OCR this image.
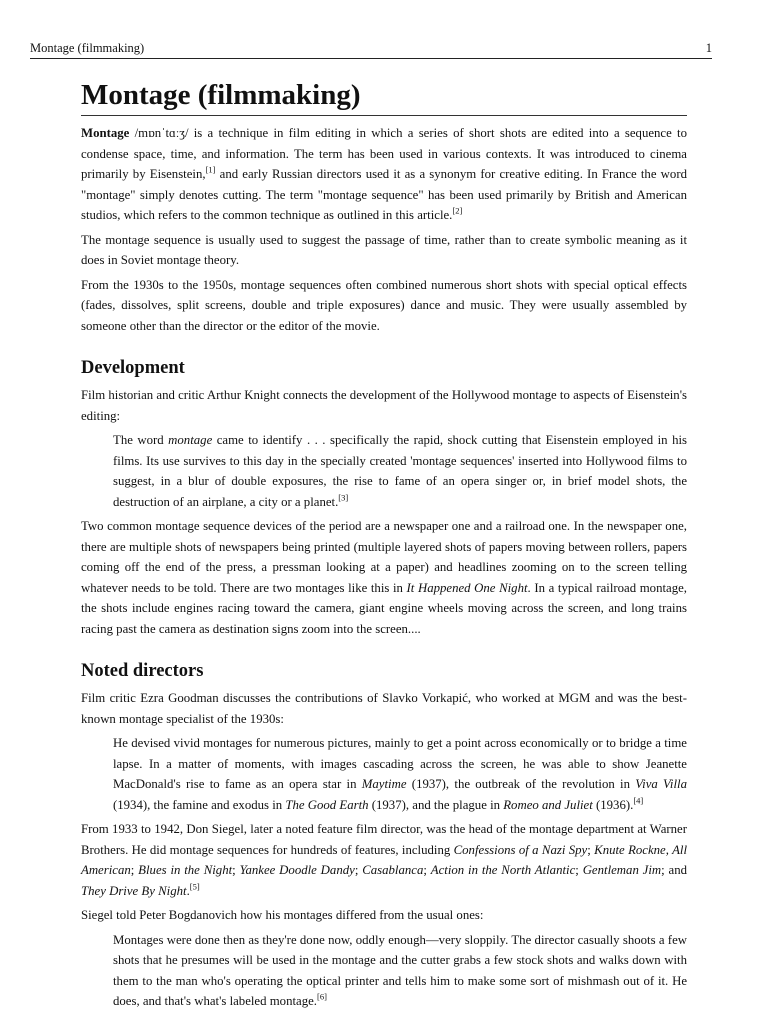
Montage (filmmaking)	1
Montage (filmmaking)

Montage /mɒnˈtɑːʒ/ is a technique in film editing in which a series of short shots are edited into a sequence to condense space, time, and information. The term has been used in various contexts. It was introduced to cinema primarily by Eisenstein,[1] and early Russian directors used it as a synonym for creative editing. In France the word "montage" simply denotes cutting. The term "montage sequence" has been used primarily by British and American studios, which refers to the common technique as outlined in this article.[2]

The montage sequence is usually used to suggest the passage of time, rather than to create symbolic meaning as it does in Soviet montage theory.

From the 1930s to the 1950s, montage sequences often combined numerous short shots with special optical effects (fades, dissolves, split screens, double and triple exposures) dance and music. They were usually assembled by someone other than the director or the editor of the movie.

Development

Film historian and critic Arthur Knight connects the development of the Hollywood montage to aspects of Eisenstein's editing:

The word montage came to identify . . . specifically the rapid, shock cutting that Eisenstein employed in his films. Its use survives to this day in the specially created 'montage sequences' inserted into Hollywood films to suggest, in a blur of double exposures, the rise to fame of an opera singer or, in brief model shots, the destruction of an airplane, a city or a planet.[3]

Two common montage sequence devices of the period are a newspaper one and a railroad one. In the newspaper one, there are multiple shots of newspapers being printed (multiple layered shots of papers moving between rollers, papers coming off the end of the press, a pressman looking at a paper) and headlines zooming on to the screen telling whatever needs to be told. There are two montages like this in It Happened One Night. In a typical railroad montage, the shots include engines racing toward the camera, giant engine wheels moving across the screen, and long trains racing past the camera as destination signs zoom into the screen....

Noted directors

Film critic Ezra Goodman discusses the contributions of Slavko Vorkapić, who worked at MGM and was the best-known montage specialist of the 1930s:

He devised vivid montages for numerous pictures, mainly to get a point across economically or to bridge a time lapse. In a matter of moments, with images cascading across the screen, he was able to show Jeanette MacDonald's rise to fame as an opera star in Maytime (1937), the outbreak of the revolution in Viva Villa (1934), the famine and exodus in The Good Earth (1937), and the plague in Romeo and Juliet (1936).[4]

From 1933 to 1942, Don Siegel, later a noted feature film director, was the head of the montage department at Warner Brothers. He did montage sequences for hundreds of features, including Confessions of a Nazi Spy; Knute Rockne, All American; Blues in the Night; Yankee Doodle Dandy; Casablanca; Action in the North Atlantic; Gentleman Jim; and They Drive By Night.[5]

Siegel told Peter Bogdanovich how his montages differed from the usual ones:

Montages were done then as they're done now, oddly enough—very sloppily. The director casually shoots a few shots that he presumes will be used in the montage and the cutter grabs a few stock shots and walks down with them to the man who's operating the optical printer and tells him to make some sort of mishmash out of it. He does, and that's what's labeled montage.[6]
